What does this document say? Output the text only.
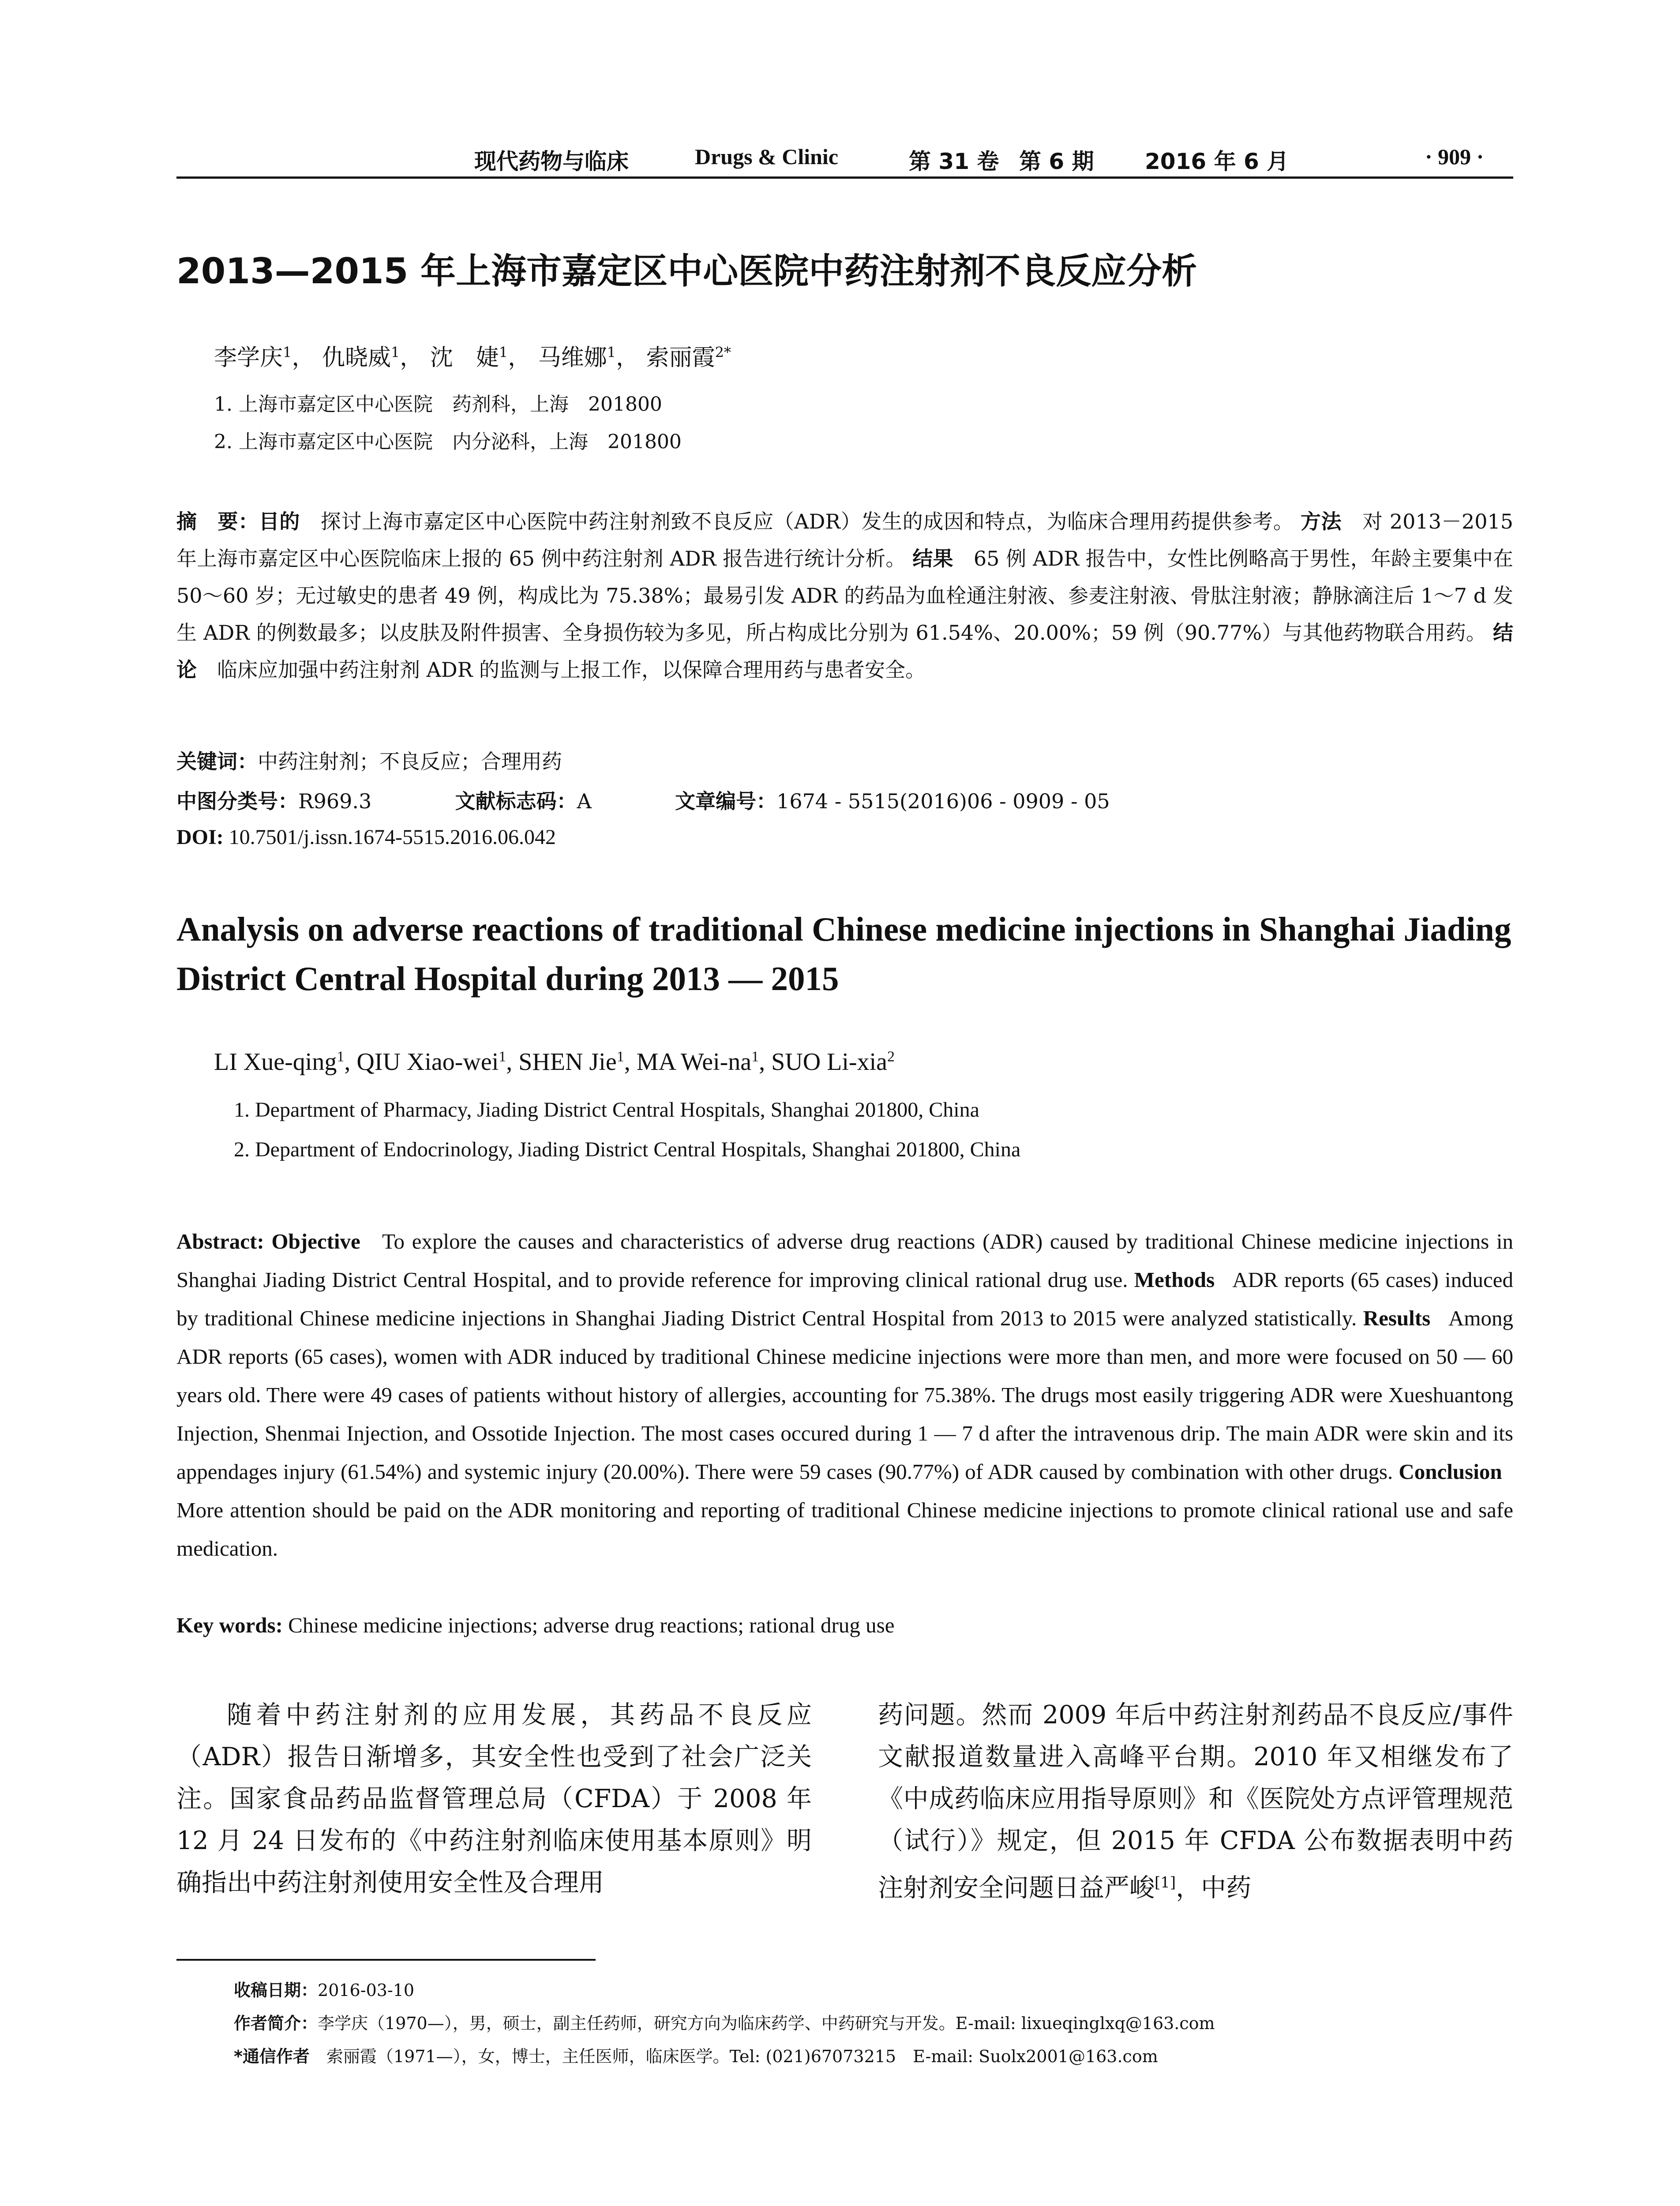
现代药物与临床	Drugs & Clinic	第 31 卷 第 6 期 2016 年 6 月	· 909 ·
2013—2015 年上海市嘉定区中心医院中药注射剂不良反应分析
李学庆$^1$， 仇晓威$^1$， 沈　婕$^1$， 马维娜$^1$， 索丽霞$^{2*}$
1. 上海市嘉定区中心医院　药剂科，上海　201800
2. 上海市嘉定区中心医院　内分泌科，上海　201800
摘　要：目的　 探讨上海市嘉定区中心医院中药注射剂致不良反应（ADR）发生的成因和特点，为临床合理用药提供参考。 方法　 对 2013－2015 年上海市嘉定区中心医院临床上报的 65 例中药注射剂 ADR 报告进行统计分析。 结果　 65 例 ADR 报告中，女性比例略高于男性，年龄主要集中在 50～60 岁；无过敏史的患者 49 例，构成比为 75.38%；最易引发 ADR 的药品为血栓通注射液、参麦注射液、骨肽注射液；静脉滴注后 1～7 d 发生 ADR 的例数最多；以皮肤及附件损害、全身损伤较为多见，所占构成比分别为 61.54%、20.00%；59 例（90.77%）与其他药物联合用药。 结论　 临床应加强中药注射剂 ADR 的监测与上报工作，以保障合理用药与患者安全。
关键词：中药注射剂；不良反应；合理用药
中图分类号：R969.3	文献标志码：A	文章编号：1674 - 5515(2016)06 - 0909 - 05
DOI: 10.7501/j.issn.1674-5515.2016.06.042
Analysis on adverse reactions of traditional Chinese medicine injections in Shanghai Jiading District Central Hospital during 2013 — 2015
LI Xue-qing$^1$, QIU Xiao-wei$^1$, SHEN Jie$^1$, MA Wei-$na^1$, SUO Li-xia$^2$
1. Department of Pharmacy, Jiading District Central Hospitals, Shanghai 201800, China
2. Department of Endocrinology, Jiading District Central Hospitals, Shanghai 201800, China
Abstract: Objective To explore the causes and characteristics of adverse drug reactions (ADR) caused by traditional Chinese medicine injections in Shanghai Jiading District Central Hospital, and to provide reference for improving clinical rational drug use. Methods ADR reports (65 cases) induced by traditional Chinese medicine injections in Shanghai Jiading District Central Hospital from 2013 to 2015 were analyzed statistically. Results Among ADR reports (65 cases), women with ADR induced by traditional Chinese medicine injections were more than men, and more were focused on 50 — 60 years old. There were 49 cases of patients without history of allergies, accounting for 75.38%. The drugs most easily triggering ADR were Xueshuantong Injection, Shenmai Injection, and Ossotide Injection. The most cases occured during 1 — 7 d after the intravenous drip. The main ADR were skin and its appendages injury (61.54%) and systemic injury (20.00%). There were 59 cases (90.77%) of ADR caused by combination with other drugs. Conclusion   More attention should be paid on the ADR monitoring and reporting of traditional Chinese medicine injections to promote clinical rational use and safe medication.
Key words: Chinese medicine injections; adverse drug reactions; rational drug use
随着中药注射剂的应用发展，其药品不良反应（ADR）报告日渐增多，其安全性也受到了社会广泛关注。国家食品药品监督管理总局（CFDA）于 2008 年 12 月 24 日发布的《中药注射剂临床使用基本原则》明确指出中药注射剂使用安全性及合理用
药问题。然而 2009 年后中药注射剂药品不良反应/事件文献报道数量进入高峰平台期。2010 年又相继发布了《中成药临床应用指导原则》和《医院处方点评管理规范（试行）》规定，但 2015 年 CFDA 公布数据表明中药注射剂安全问题日益严峻[1]，中药
收稿日期：2016-03-10
作者简介：李学庆（1970—），男，硕士，副主任药师，研究方向为临床药学、中药研究与开发。E-mail: lixueqinglxq@163.com
*通信作者　 索丽霞（1971—），女，博士，主任医师，临床医学。Tel: (021)67073215　E-mail: Suolx2001@163.com
